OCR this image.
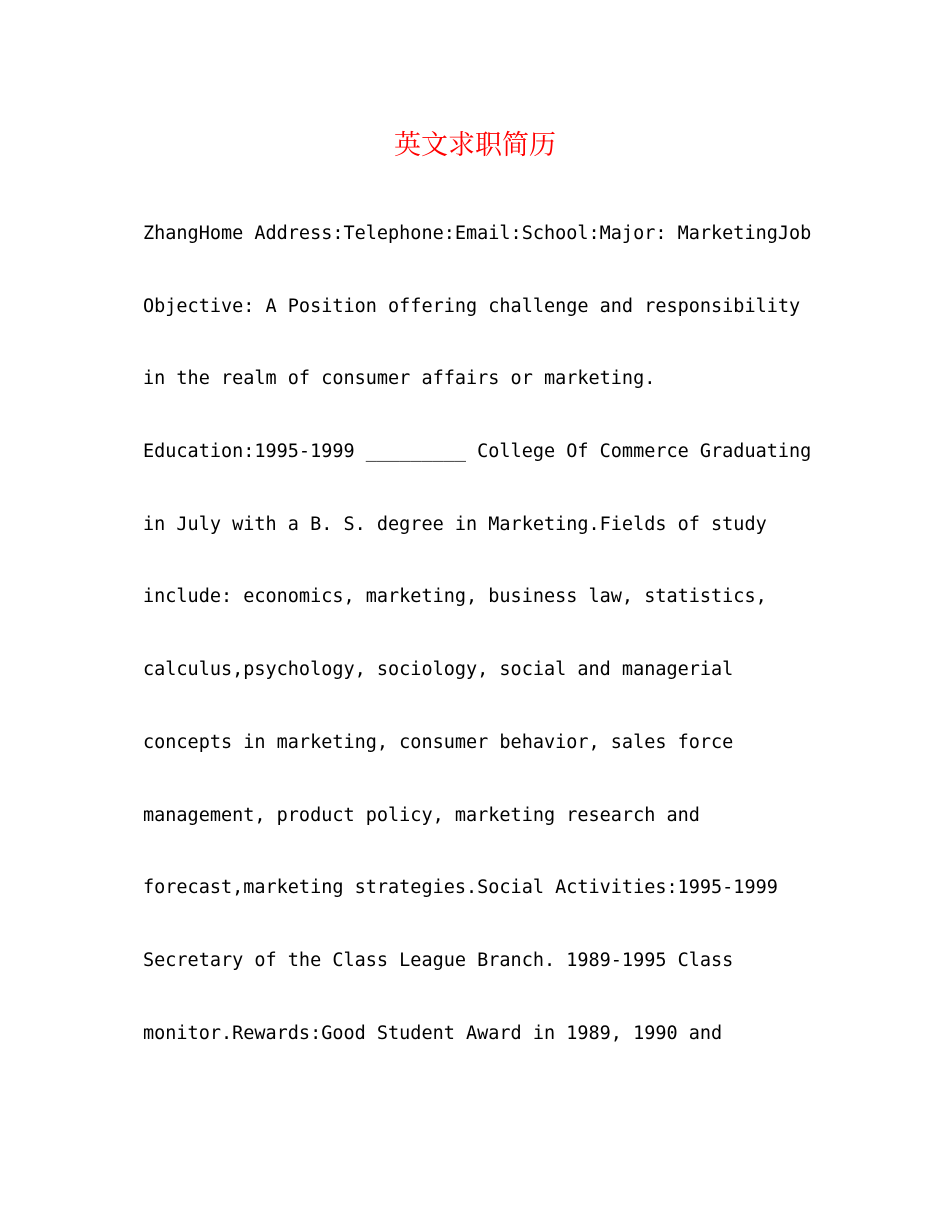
英文求职简历
ZhangHome Address:Telephone:Email:School:Major: MarketingJob
Objective: A Position offering challenge and responsibility
in the realm of consumer affairs or marketing.
Education:1995-1999 _________ College Of Commerce Graduating
in July with a B. S. degree in Marketing.Fields of study
include: economics, marketing, business law, statistics,
calculus,psychology, sociology, social and managerial
concepts in marketing, consumer behavior, sales force
management, product policy, marketing research and
forecast,marketing strategies.Social Activities:1995-1999
Secretary of the Class League Branch. 1989-1995 Class
monitor.Rewards:Good Student Award in 1989, 1990 and
